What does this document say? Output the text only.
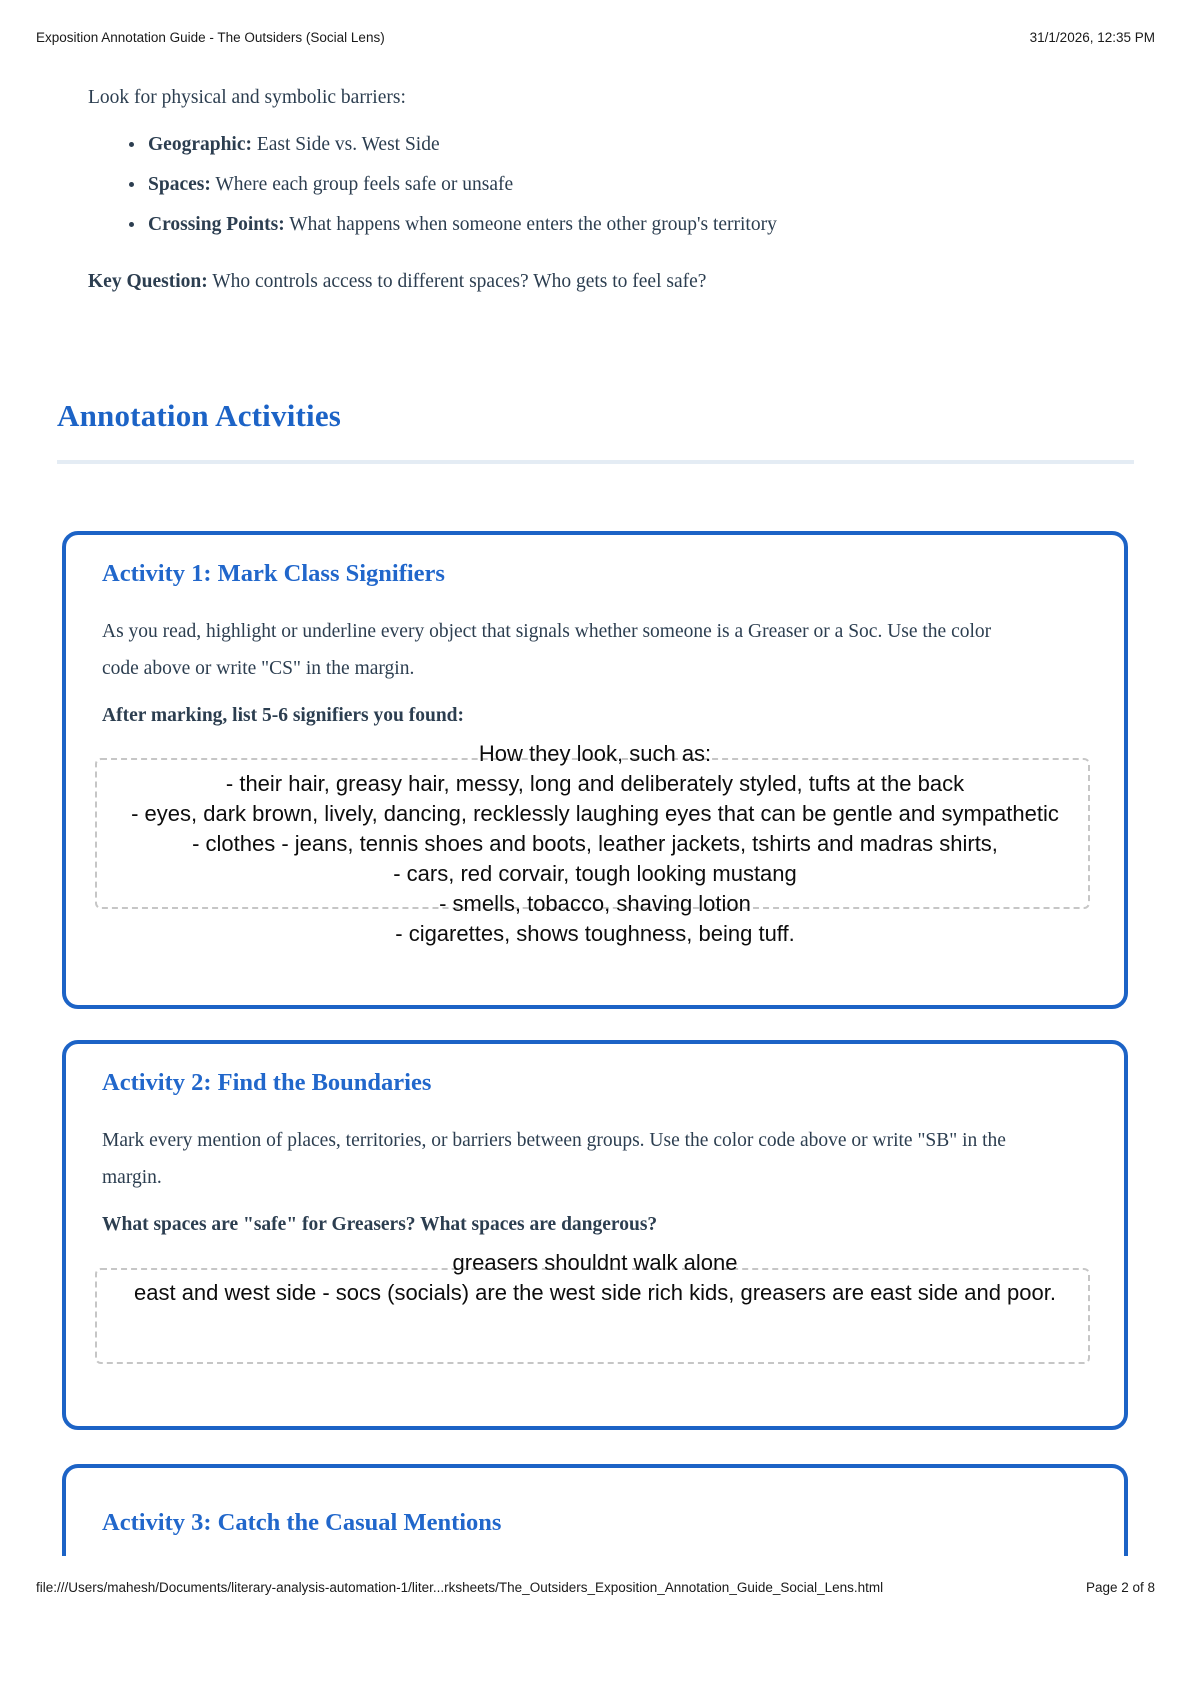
Exposition Annotation Guide - The Outsiders (Social Lens)	31/1/2026, 12:35 PM

Look for physical and symbolic barriers:

Geographic: East Side vs. West Side
Spaces: Where each group feels safe or unsafe
Crossing Points: What happens when someone enters the other group's territory

Key Question: Who controls access to different spaces? Who gets to feel safe?

Annotation Activities
Activity 1: Mark Class Signifiers

As you read, highlight or underline every object that signals whether someone is a Greaser or a Soc. Use the color code above or write "CS" in the margin.

After marking, list 5-6 signifiers you found:

How they look, such as:
- their hair, greasy hair, messy, long and deliberately styled, tufts at the back
- eyes, dark brown, lively, dancing, recklessly laughing eyes that can be gentle and sympathetic
- clothes - jeans, tennis shoes and boots, leather jackets, tshirts and madras shirts,
- cars, red corvair, tough looking mustang
- smells, tobacco, shaving lotion
- cigarettes, shows toughness, being tuff.
Activity 2: Find the Boundaries

Mark every mention of places, territories, or barriers between groups. Use the color code above or write "SB" in the margin.

What spaces are "safe" for Greasers? What spaces are dangerous?

greasers shouldnt walk alone
east and west side - socs (socials) are the west side rich kids, greasers are east side and poor.
Activity 3: Catch the Casual Mentions
file:///Users/mahesh/Documents/literary-analysis-automation-1/liter...rksheets/The_Outsiders_Exposition_Annotation_Guide_Social_Lens.html	Page 2 of 8
